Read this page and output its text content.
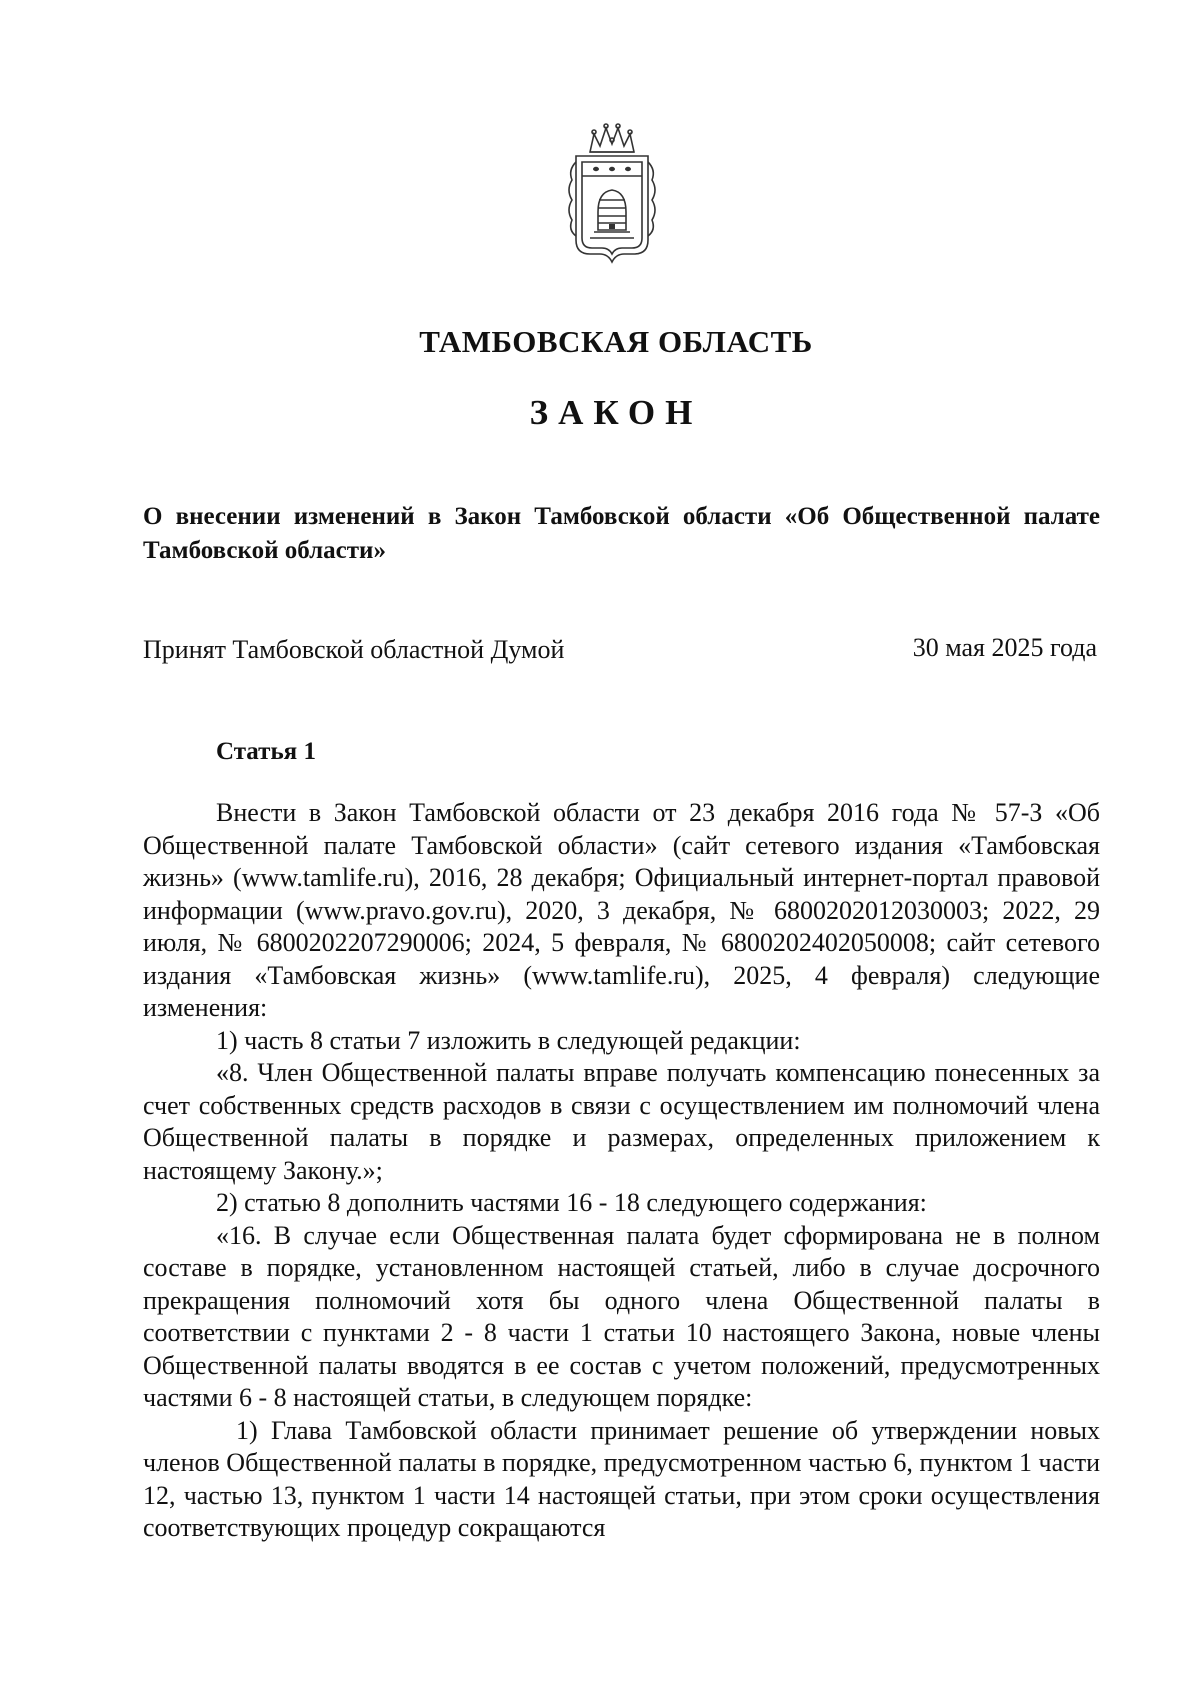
ТАМБОВСКАЯ ОБЛАСТЬ
ЗАКОН
О внесении изменений в Закон Тамбовской области «Об Общественной палате Тамбовской области»
Принят Тамбовской областной Думой	30 мая 2025 года
Статья 1

Внести в Закон Тамбовской области от 23 декабря 2016 года № 57-З «Об Общественной палате Тамбовской области» (сайт сетевого издания «Тамбовская жизнь» (www.tamlife.ru), 2016, 28 декабря; Официальный интернет-портал правовой информации (www.pravo.gov.ru), 2020, 3 декабря, № 6800202012030003; 2022, 29 июля, № 6800202207290006; 2024, 5 февраля, № 6800202402050008; сайт сетевого издания «Тамбовская жизнь» (www.tamlife.ru), 2025, 4 февраля) следующие изменения:

1) часть 8 статьи 7 изложить в следующей редакции:

«8. Член Общественной палаты вправе получать компенсацию понесенных за счет собственных средств расходов в связи с осуществлением им полномочий члена Общественной палаты в порядке и размерах, определенных приложением к настоящему Закону.»;

2) статью 8 дополнить частями 16 - 18 следующего содержания:

«16. В случае если Общественная палата будет сформирована не в полном составе в порядке, установленном настоящей статьей, либо в случае досрочного прекращения полномочий хотя бы одного члена Общественной палаты в соответствии с пунктами 2 - 8 части 1 статьи 10 настоящего Закона, новые члены Общественной палаты вводятся в ее состав с учетом положений, предусмотренных частями 6 - 8 настоящей статьи, в следующем порядке:

1) Глава Тамбовской области принимает решение об утверждении новых членов Общественной палаты в порядке, предусмотренном частью 6, пунктом 1 части 12, частью 13, пунктом 1 части 14 настоящей статьи, при этом сроки осуществления соответствующих процедур сокращаются
